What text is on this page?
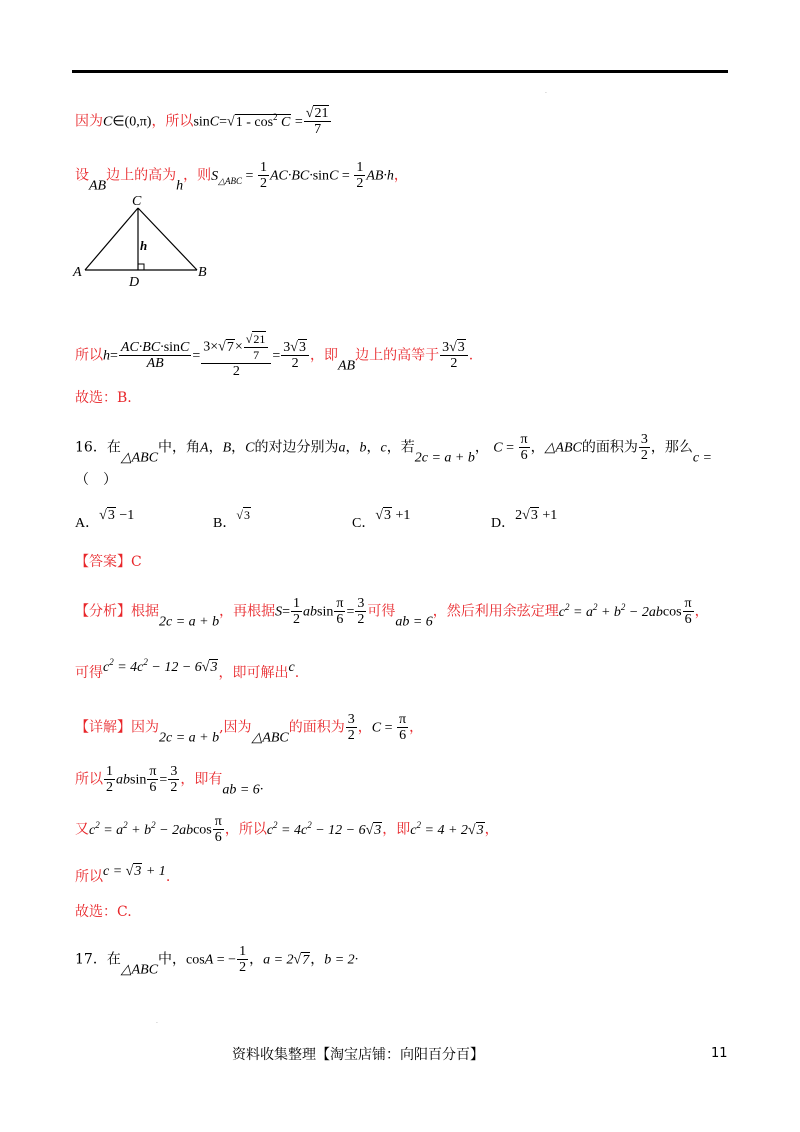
.
因为C∈(0,π)，所以$\sin C=√1 - \cos^2 C = \frac{√21}{7}$
设AB边上的高为h，则$S_{\triangle ABC} = \frac{1}{2} AC\cdot BC\cdot\sin C = \frac{1}{2} AB\cdot h$，
C
A	B
D
h
所以$h= \frac{AC\cdot BC\cdot\sin C}{AB} = \frac{3\times√7\times \frac{√21}{7}}{2} = \frac{3√3}{2}$ ，即AB边上的高等于 $\frac{3√3}{2}$ .
故选：B.
16．在△ABC中，角A，B，C的对边分别为a，b，c，若2c = a + b， $C = \frac{\pi}{6}$ ，△ABC的面积为 $\frac{3}{2}$ ，那么c =
（　）
A．√3 −1
B．√3
C．√3 +1
D．2√3 +1
【答案】C
【分析】根据2c = a + b，再根据$S= \frac{1}{2}$ absin $\frac{\pi}{6} = \frac{3}{2}$ 可得ab = 6，然后利用余弦定理$c^2 = a^2 + b^2 - 2abcos \frac{\pi}{6}$ ，
可得$c^2 = 4c^2 - 12 - 6√3$，即可解出c.
【详解】因为2c = a + b,因为△ABC的面积为 $\frac{3}{2}$ ，$C = \frac{\pi}{6}$ ，
所以 $\frac{1}{2}$ absin $\frac{\pi}{6} = \frac{3}{2}$ ，即有ab = 6·
又$c^2 = a^2 + b^2 - 2abcos \frac{\pi}{6}$ ，所以$c^2 = 4c^2 - 12 - 6√3$，即$c^2 = 4 + 2√3$，
所以c = √3 + 1.
故选：C.
17．在△ABC中，cosA = − $\frac{1}{2}$ ，a = 2√7，b = 2·
.
资料收集整理【淘宝店铺：向阳百分百】	11
